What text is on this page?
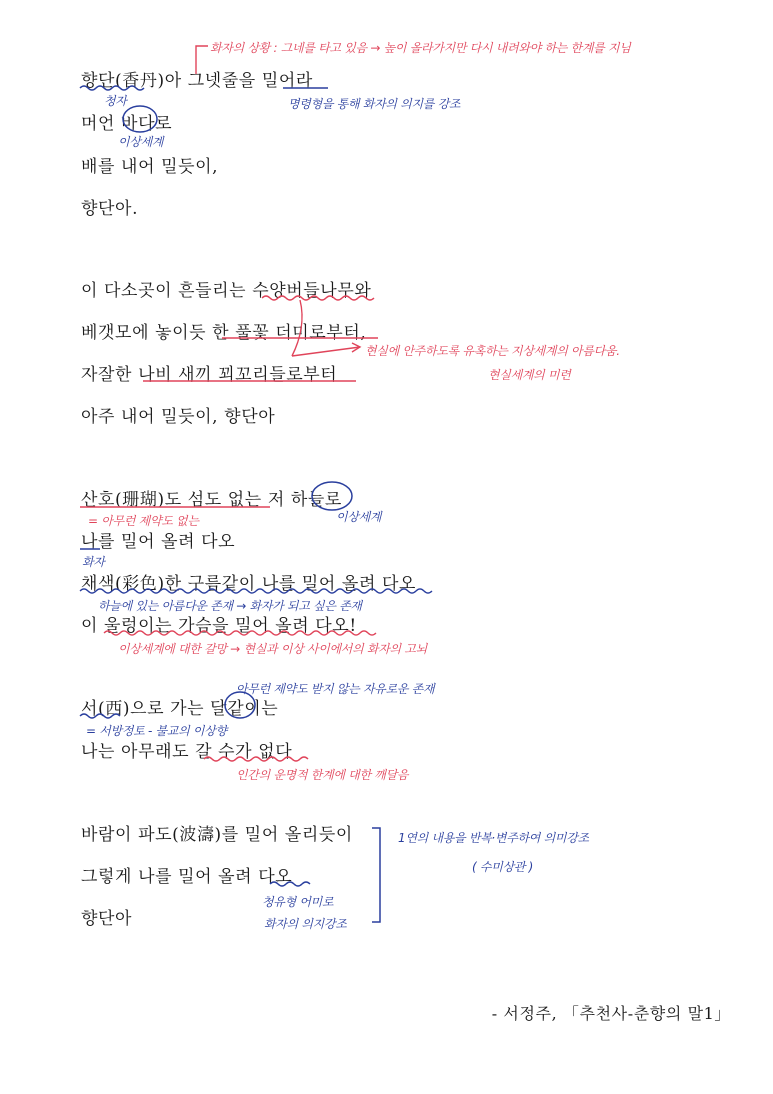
향단(香丹)아 그넷줄을 밀어라

머언 바다로

배를 내어 밀듯이,

향단아.

이 다소곳이 흔들리는 수양버들나무와

베갯모에 놓이듯 한 풀꽃 더미로부터,

자잘한 나비 새끼 꾀꼬리들로부터

아주 내어 밀듯이, 향단아

산호(珊瑚)도 섬도 없는 저 하늘로

나를 밀어 올려 다오

채색(彩色)한 구름같이 나를 밀어 올려 다오

이 울렁이는 가슴을 밀어 올려 다오!

서(西)으로 가는 달같이는

나는 아무래도 갈 수가 없다

바람이 파도(波濤)를 밀어 올리듯이

그렇게 나를 밀어 올려 다오

향단아

- 서정주, 「추천사-춘향의 말1」

화자의 상황 : 그네를 타고 있음 → 높이 올라가지만 다시 내려와야 하는 한계를 지님
청자	명령형을 통해 화자의 의지를 강조
이상세계
현실에 안주하도록 유혹하는 지상세계의 아름다움.
현실세계의 미련
= 아무런 제약도 없는	이상세계
화자
하늘에 있는 아름다운 존재 → 화자가 되고 싶은 존재
이상세계에 대한 갈망 → 현실과 이상 사이에서의 화자의 고뇌
아무런 제약도 받지 않는 자유로운 존재
= 서방정토 - 불교의 이상향
인간의 운명적 한계에 대한 깨달음
1연의 내용을 반복·변주하여 의미강조
( 수미상관 )
청유형 어미로
화자의 의지강조
